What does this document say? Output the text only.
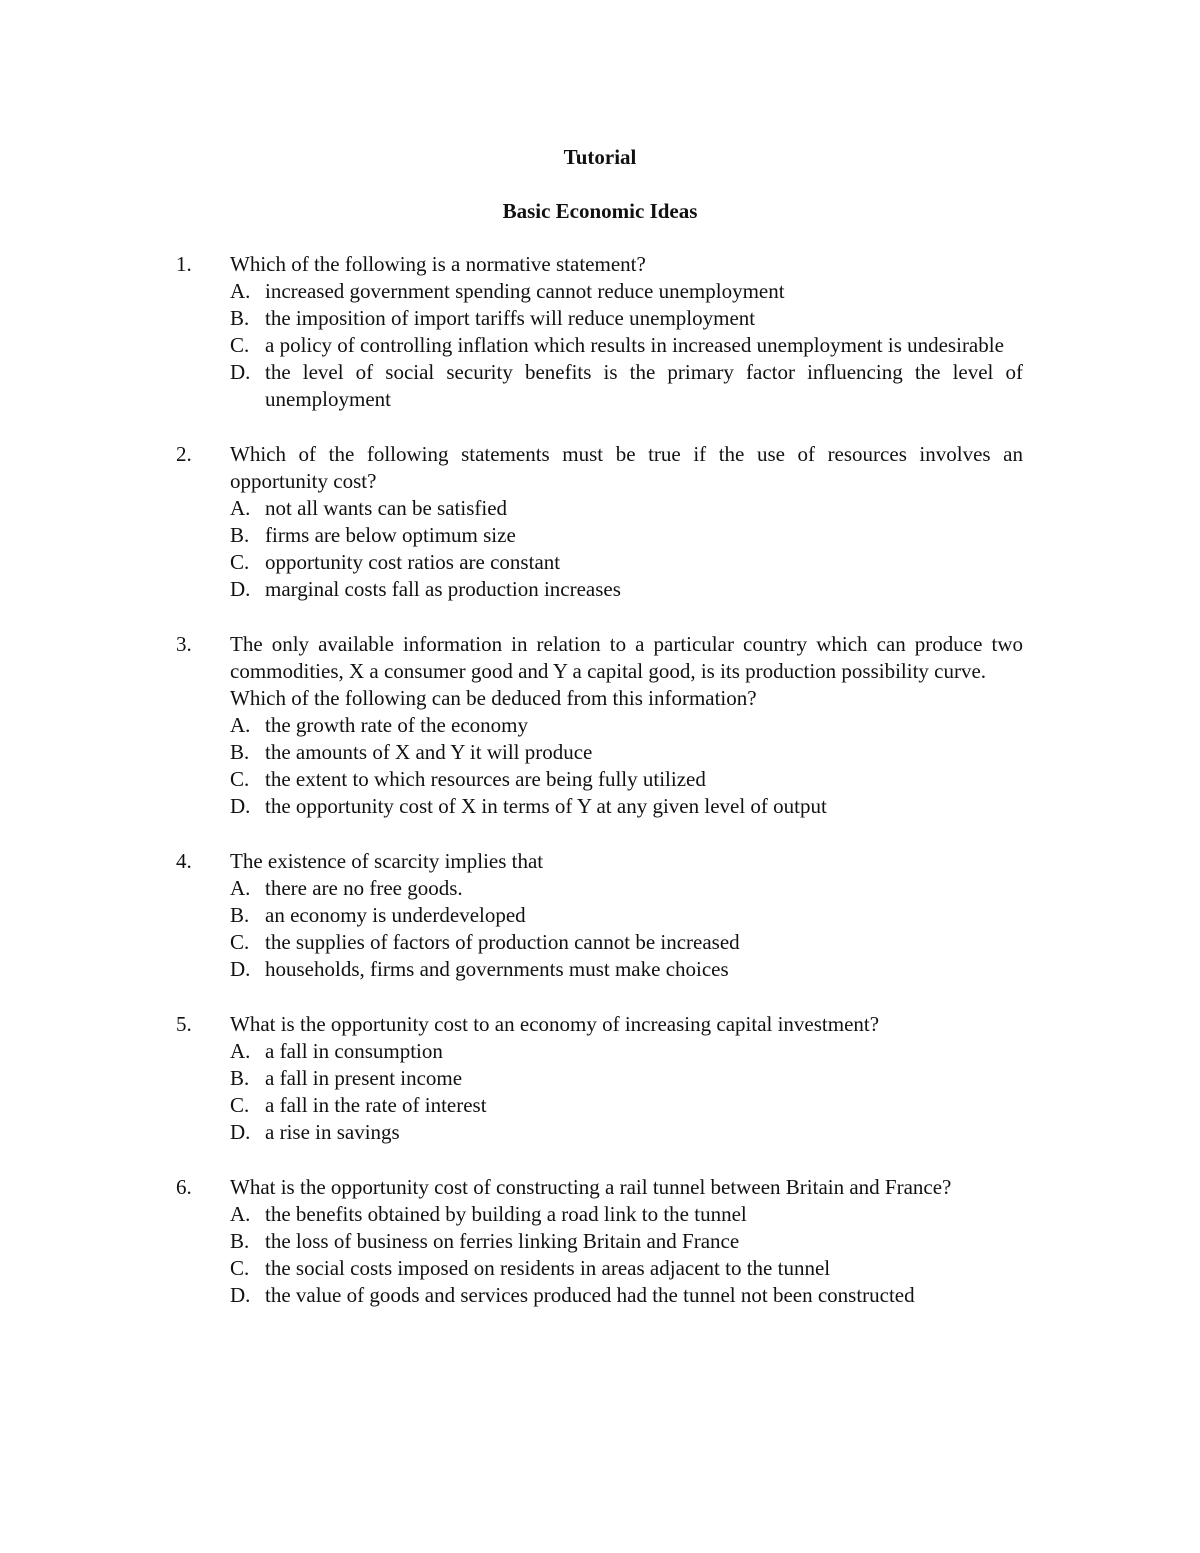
Tutorial
Basic Economic Ideas
1. Which of the following is a normative statement?
A. increased government spending cannot reduce unemployment
B. the imposition of import tariffs will reduce unemployment
C. a policy of controlling inflation which results in increased unemployment is undesirable
D. the level of social security benefits is the primary factor influencing the level of unemployment
2. Which of the following statements must be true if the use of resources involves an opportunity cost?
A. not all wants can be satisfied
B. firms are below optimum size
C. opportunity cost ratios are constant
D. marginal costs fall as production increases
3. The only available information in relation to a particular country which can produce two commodities, X a consumer good and Y a capital good, is its production possibility curve.
Which of the following can be deduced from this information?
A. the growth rate of the economy
B. the amounts of X and Y it will produce
C. the extent to which resources are being fully utilized
D. the opportunity cost of X in terms of Y at any given level of output
4. The existence of scarcity implies that
A. there are no free goods.
B. an economy is underdeveloped
C. the supplies of factors of production cannot be increased
D. households, firms and governments must make choices
5. What is the opportunity cost to an economy of increasing capital investment?
A. a fall in consumption
B. a fall in present income
C. a fall in the rate of interest
D. a rise in savings
6. What is the opportunity cost of constructing a rail tunnel between Britain and France?
A. the benefits obtained by building a road link to the tunnel
B. the loss of business on ferries linking Britain and France
C. the social costs imposed on residents in areas adjacent to the tunnel
D. the value of goods and services produced had the tunnel not been constructed
